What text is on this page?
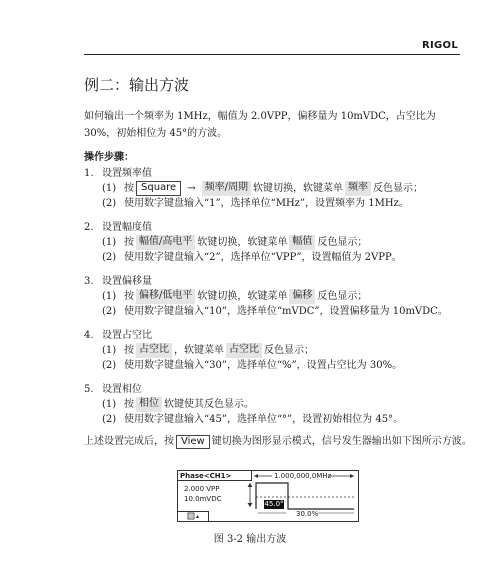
RIGOL
例二：输出方波
如何输出一个频率为 1MHz，幅值为 2.0VPP，偏移量为 10mVDC，占空比为 30%，初始相位为 45°的方波。
操作步骤：
1. 设置频率值
(1) 按 Square	→ 频率/周期 软键切换，软键菜单 频率 反色显示；
(2) 使用数字键盘输入“1”，选择单位“MHz”，设置频率为 1MHz。
2. 设置幅度值
(1) 按 幅值/高电平 软键切换，软键菜单 幅值 反色显示；
(2) 使用数字键盘输入“2”，选择单位“VPP”，设置幅值为 2VPP。
3. 设置偏移量
(1) 按 偏移/低电平 软键切换，软键菜单 偏移 反色显示；
(2) 使用数字键盘输入“10”，选择单位“mVDC”，设置偏移量为 10mVDC。
4. 设置占空比
(1) 按 占空比 ，软键菜单 占空比 反色显示；
(2) 使用数字键盘输入“30”，选择单位“%”，设置占空比为 30%。
5. 设置相位
(1) 按 相位 软键使其反色显示。
(2) 使用数字键盘输入“45”，选择单位“°”，设置初始相位为 45°。
上述设置完成后，按 View 键切换为图形显示模式，信号发生器输出如下图所示方波。
Phase<CH1>	1.000,000,0MHz
2.000 VPP
10.0mVDC
45.0°
30.0%
图 3-2 输出方波
